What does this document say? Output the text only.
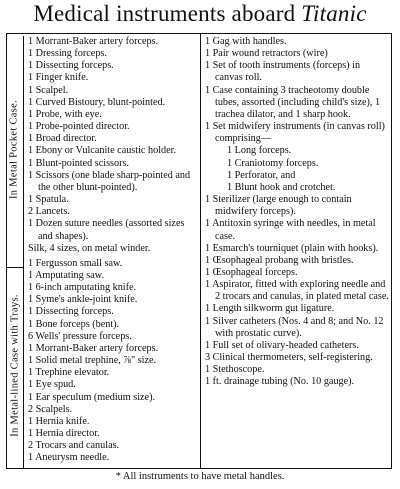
Medical instruments aboard Titanic
In Metal Pocket Case.
In Metal-lined Case with Trays.
1 Morrant-Baker artery forceps.
1 Dressing forceps.
1 Dissecting forceps.
1 Finger knife.
1 Scalpel.
1 Curved Bistoury, blunt-pointed.
1 Probe, with eye.
1 Probe-pointed director.
1 Broad director.
1 Ebony or Vulcanite caustic holder.
1 Blunt-pointed scissors.
1 Scissors (one blade sharp-pointed and the other blunt-pointed).
1 Spatula.
2 Lancets.
1 Dozen suture needles (assorted sizes and shapes).
Silk, 4 sizes, on metal winder.
1 Fergusson small saw.
1 Amputating saw.
1 6-inch amputating knife.
1 Syme's ankle-joint knife.
1 Dissecting forceps.
1 Bone forceps (bent).
6 Wells' pressure forceps.
1 Morrant-Baker artery forceps.
1 Solid metal trephine, ⅞" size.
1 Trephine elevator.
1 Eye spud.
1 Ear speculum (medium size).
2 Scalpels.
1 Hernia knife.
1 Hernia director.
2 Trocars and canulas.
1 Aneurysm needle.
1 Gag with handles.
1 Pair wound retractors (wire)
1 Set of tooth instruments (forceps) in canvas roll.
1 Case containing 3 tracheotomy double tubes, assorted (including child's size), 1 trachea dilator, and 1 sharp hook.
1 Set midwifery instruments (in canvas roll) comprising—
1 Long forceps.
1 Craniotomy forceps.
1 Perforator, and
1 Blunt hook and crotchet.
1 Sterilizer (large enough to contain midwifery forceps).
1 Antitoxin syringe with needles, in metal case.
1 Esmarch's tourniquet (plain with hooks).
1 Œsophageal probang with bristles.
1 Œsophageal forceps.
1 Aspirator, fitted with exploring needle and 2 trocars and canulas, in plated metal case.
1 Length silkworm gut ligature.
1 Silver catheters (Nos. 4 and 8; and No. 12 with prostatic curve).
1 Full set of olivary-headed catheters.
3 Clinical thermometers, self-registering.
1 Stethoscope.
1 ft. drainage tubing (No. 10 gauge).
* All instruments to have metal handles.
